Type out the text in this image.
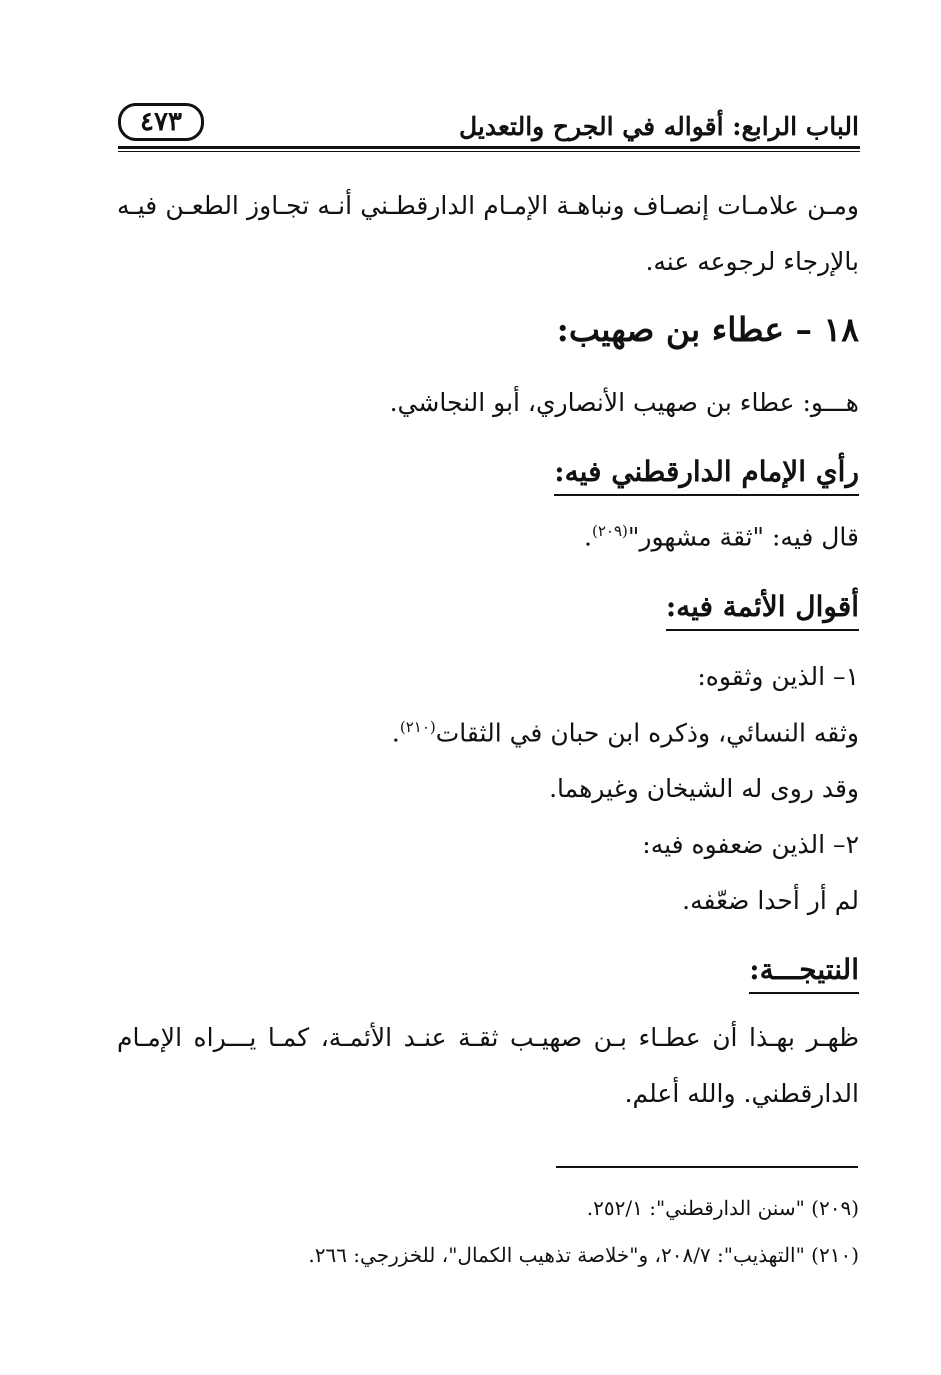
الباب الرابع: أقواله في الجرح والتعديل
٤٧٣
ومـن علامـات إنصـاف ونباهـة الإمـام الدارقطـني أنـه تجـاوز الطعـن فيـه بالإرجاء لرجوعه عنه.
١٨ – عطاء بن صهيب:
هـــو: عطاء بن صهيب الأنصاري، أبو النجاشي.
رأي الإمام الدارقطني فيه:
قال فيه: "ثقة مشهور"$^{(٢٠٩)}$.
أقوال الأئمة فيه:
١– الذين وثقوه:
وثقه النسائي، وذكره ابن حبان في الثقات$^{(٢١٠)}$.
وقد روى له الشيخان وغيرهما.
٢– الذين ضعفوه فيه:
لم أر أحدا ضعّفه.
النتيجـــة:
ظهـر بهـذا أن عطـاء بـن صهيـب ثقـة عنـد الأئمـة، كمـا يـــراه الإمـام الدارقطني. والله أعلم.
(٢٠٩) "سنن الدارقطني": ٢٥٢/١.
(٢١٠) "التهذيب": ٢٠٨/٧، و"خلاصة تذهيب الكمال"، للخزرجي: ٢٦٦.
